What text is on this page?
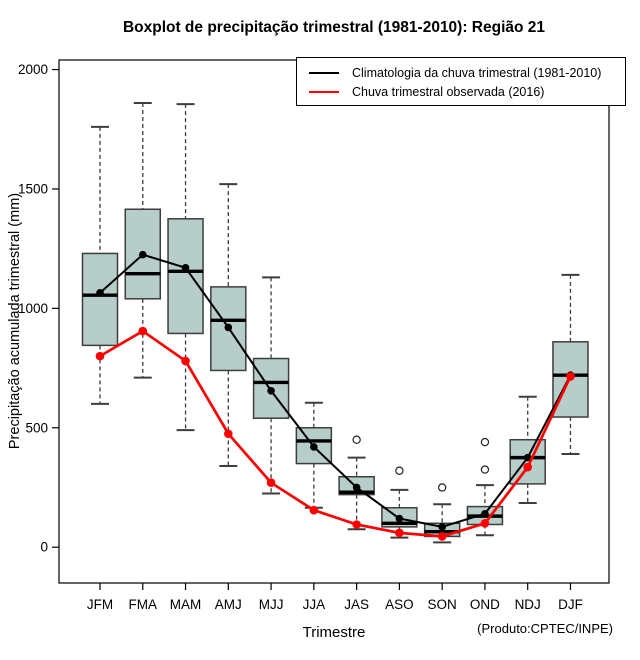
Boxplot de precipitação trimestral (1981-2010): Região 21
0
500
1000
1500
2000
JFM FMA MAM AMJ MJJ JJA JAS ASO SON OND NDJ DJF
Precipitação acumulada trimestral (mm)
Trimestre	(Produto:CPTEC/INPE)
Climatologia da chuva trimestral (1981-2010)
Chuva trimestral observada (2016)
